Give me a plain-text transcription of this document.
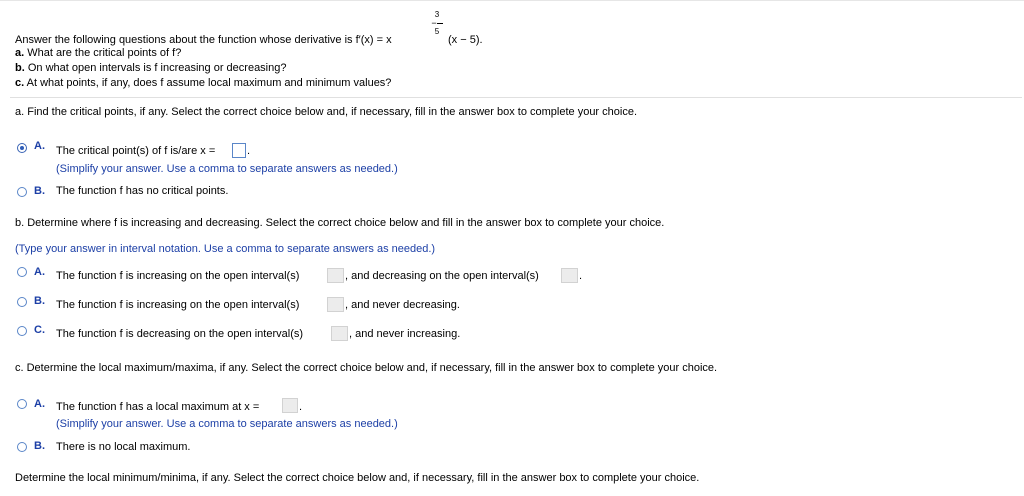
Answer the following questions about the function whose derivative is f′(x) = x
3
−
5
(x − 5).
a. What are the critical points of f?
b. On what open intervals is f increasing or decreasing?
c. At what points, if any, does f assume local maximum and minimum values?
a. Find the critical points, if any. Select the correct choice below and, if necessary, fill in the answer box to complete your choice.
A. The critical point(s) of f is/are x =	.
(Simplify your answer. Use a comma to separate answers as needed.)
B. The function f has no critical points.
b. Determine where f is increasing and decreasing. Select the correct choice below and fill in the answer box to complete your choice.
(Type your answer in interval notation. Use a comma to separate answers as needed.)
A. The function f is increasing on the open interval(s)	, and decreasing on the open interval(s)	.
B. The function f is increasing on the open interval(s)	, and never decreasing.
C. The function f is decreasing on the open interval(s)	, and never increasing.
c. Determine the local maximum/maxima, if any. Select the correct choice below and, if necessary, fill in the answer box to complete your choice.
A. The function f has a local maximum at x =	.
(Simplify your answer. Use a comma to separate answers as needed.)
B. There is no local maximum.
Determine the local minimum/minima, if any. Select the correct choice below and, if necessary, fill in the answer box to complete your choice.
